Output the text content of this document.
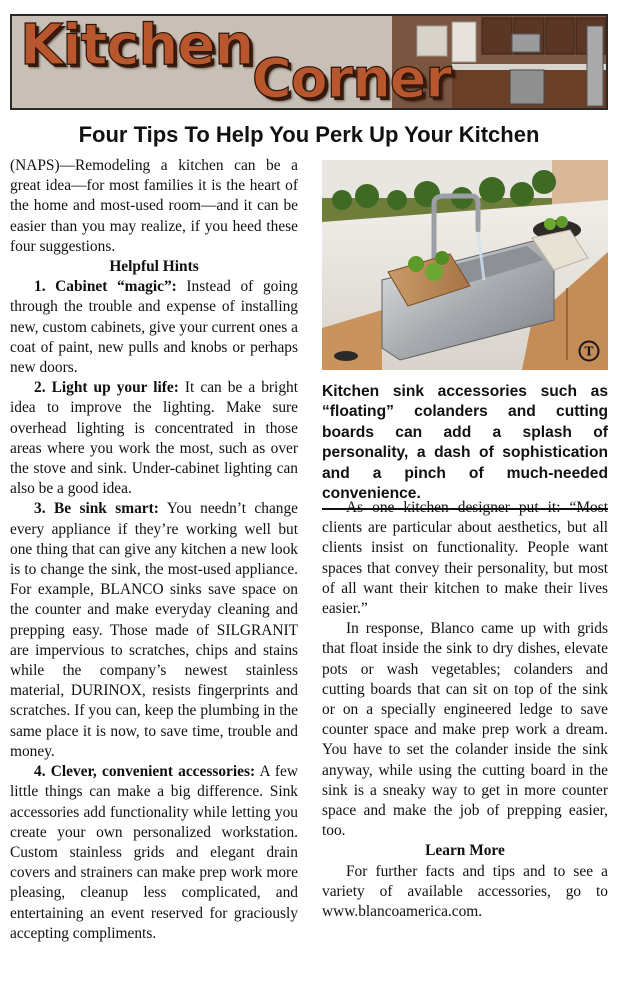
Kitchen
Corner
Four Tips To Help You Perk Up Your Kitchen

(NAPS)—Remodeling a kitchen can be a great idea—for most families it is the heart of the home and most-used room—and it can be easier than you may realize, if you heed these four suggestions.

Helpful Hints

1. Cabinet “magic”: Instead of going through the trouble and expense of installing new, custom cabinets, give your current ones a coat of paint, new pulls and knobs or perhaps new doors.

2. Light up your life: It can be a bright idea to improve the lighting. Make sure overhead lighting is concentrated in those areas where you work the most, such as over the stove and sink. Under-cabinet lighting can also be a good idea.

3. Be sink smart: You needn’t change every appliance if they’re working well but one thing that can give any kitchen a new look is to change the sink, the most-used appliance. For example, BLANCO sinks save space on the counter and make everyday cleaning and prepping easy. Those made of SILGRANIT are impervious to scratches, chips and stains while the company’s newest stainless material, DURINOX, resists fingerprints and scratches. If you can, keep the plumbing in the same place it is now, to save time, trouble and money.

4. Clever, convenient accessories: A few little things can make a big difference. Sink accessories add functionality while letting you create your own personalized workstation. Custom stainless grids and elegant drain covers and strainers can make prep work more pleasing, cleanup less complicated, and entertaining an event reserved for graciously accepting compliments.

T

Kitchen sink accessories such as “floating” colanders and cutting boards can add a splash of personality, a dash of sophistication and a pinch of much-needed convenience.

As one kitchen designer put it: “Most clients are particular about aesthetics, but all clients insist on functionality. People want spaces that convey their personality, but most of all want their kitchen to make their lives easier.”

In response, Blanco came up with grids that float inside the sink to dry dishes, elevate pots or wash vegetables; colanders and cutting boards that can sit on top of the sink or on a specially engineered ledge to save counter space and make prep work a dream. You have to set the colander inside the sink anyway, while using the cutting board in the sink is a sneaky way to get in more counter space and make the job of prepping easier, too.

Learn More

For further facts and tips and to see a variety of available accessories, go to www.blancoamerica.com.
